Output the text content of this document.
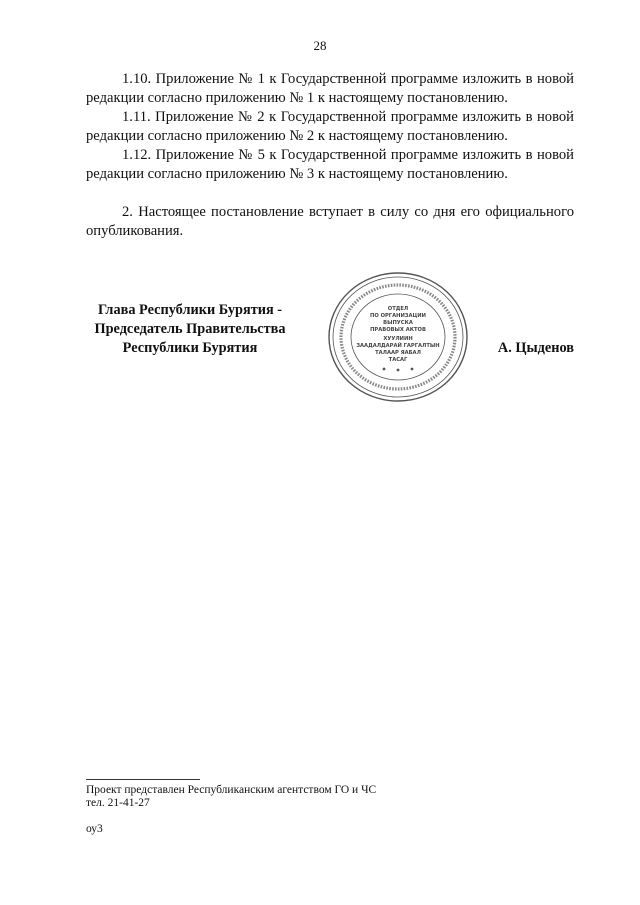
28

1.10. Приложение № 1 к Государственной программе изложить в новой редакции согласно приложению № 1 к настоящему постановлению.

1.11. Приложение № 2 к Государственной программе изложить в новой редакции согласно приложению № 2 к настоящему постановлению.

1.12. Приложение № 5 к Государственной программе изложить в новой редакции согласно приложению № 3 к настоящему постановлению.

2. Настоящее постановление вступает в силу со дня его официального опубликования.

Глава Республики Бурятия -
Председатель Правительства
Республики Бурятия
ОТДЕЛ
ПО ОРГАНИЗАЦИИ
ВЫПУСКА
ПРАВОВЫХ АКТОВ
ХУУЛИИН
ЗААДАЛДАРАЙ ГАРГАЛТЫН
ТАЛААР ЯАБАЛ
ТАСАГ
А. Цыденов
Проект представлен Республиканским агентством ГО и ЧС
тел. 21-41-27
оу3
